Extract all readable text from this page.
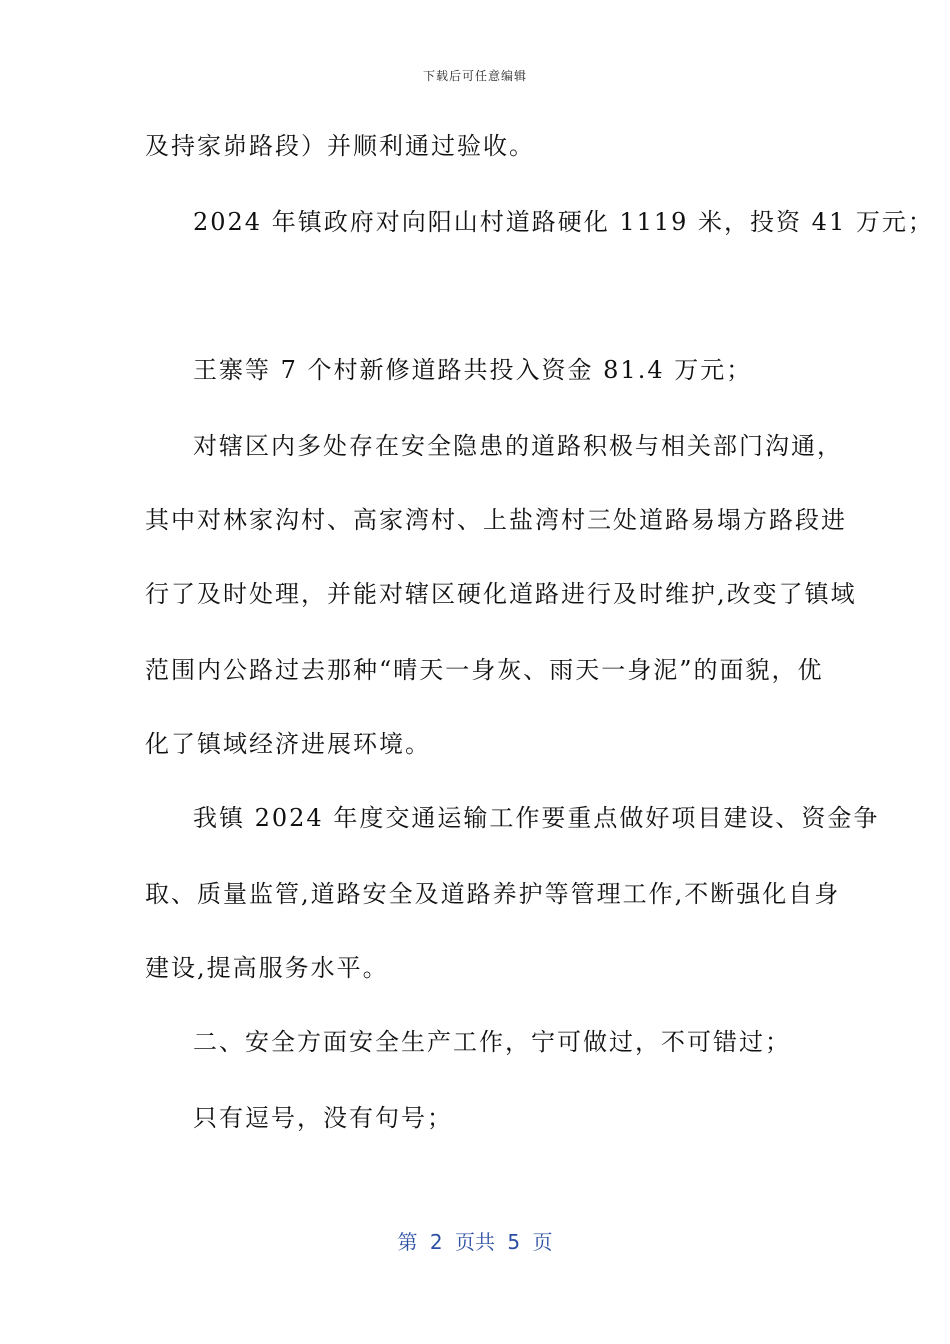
下载后可任意编辑
及持家峁路段）并顺利通过验收。
2024 年镇政府对向阳山村道路硬化 1119 米，投资 41 万元；
王寨等 7 个村新修道路共投入资金 81.4 万元；
对辖区内多处存在安全隐患的道路积极与相关部门沟通，
其中对林家沟村、高家湾村、上盐湾村三处道路易塌方路段进
行了及时处理，并能对辖区硬化道路进行及时维护,改变了镇域
范围内公路过去那种“晴天一身灰、雨天一身泥”的面貌，优
化了镇域经济进展环境。
我镇 2024 年度交通运输工作要重点做好项目建设、资金争
取、质量监管,道路安全及道路养护等管理工作,不断强化自身
建设,提高服务水平。
二、安全方面安全生产工作，宁可做过，不可错过；
只有逗号，没有句号；
第 2 页共 5 页
